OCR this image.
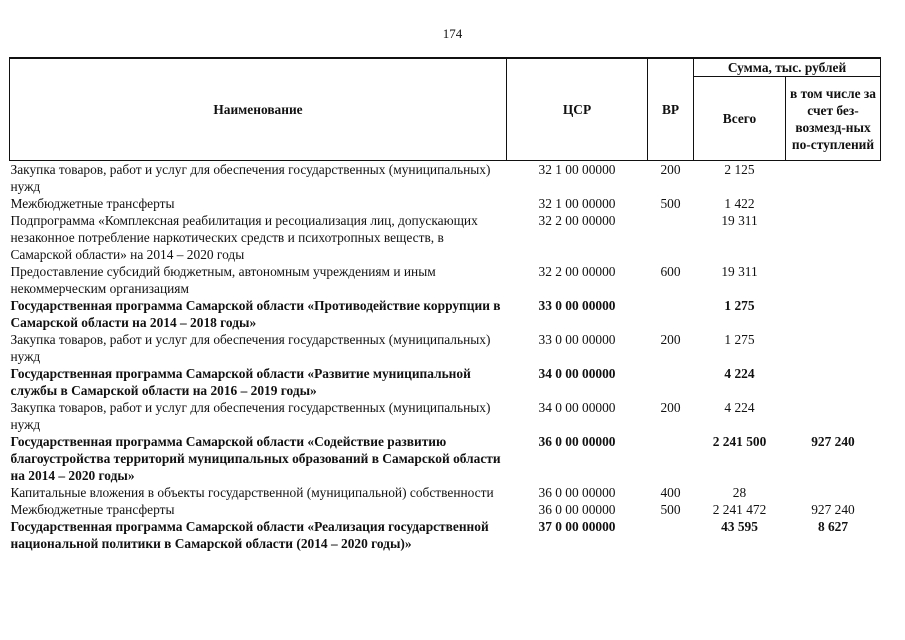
174
Наименование	ЦСР	ВР	Сумма, тыс. рублей	
			Всего	в том числе за счет без-возмезд-ных по-ступлений
Закупка товаров, работ и услуг для обеспечения государственных (муниципальных) нужд	32 1 00 00000	200	2 125	
Межбюджетные трансферты	32 1 00 00000	500	1 422	
Подпрограмма «Комплексная реабилитация и ресоциализация лиц, допускающих незаконное потребление наркотических средств и психотропных веществ, в Самарской области» на 2014 – 2020 годы	32 2 00 00000		19 311	
Предоставление субсидий бюджетным, автономным учреждениям и иным некоммерческим организациям	32 2 00 00000	600	19 311	
Государственная программа Самарской области «Противодействие коррупции в Самарской области на 2014 – 2018 годы»	33 0 00 00000		1 275	
Закупка товаров, работ и услуг для обеспечения государственных (муниципальных) нужд	33 0 00 00000	200	1 275	
Государственная программа Самарской области «Развитие муниципальной службы в Самарской области на 2016 – 2019 годы»	34 0 00 00000		4 224	
Закупка товаров, работ и услуг для обеспечения государственных (муниципальных) нужд	34 0 00 00000	200	4 224	
Государственная программа Самарской области «Содействие развитию благоустройства территорий муниципальных образований в Самарской области на 2014 – 2020 годы»	36 0 00 00000		2 241 500	927 240
Капитальные вложения в объекты государственной (муниципальной) собственности	36 0 00 00000	400	28	
Межбюджетные трансферты	36 0 00 00000	500	2 241 472	927 240
Государственная программа Самарской области «Реализация государственной национальной политики в Самарской области (2014 – 2020 годы)»	37 0 00 00000		43 595	8 627
